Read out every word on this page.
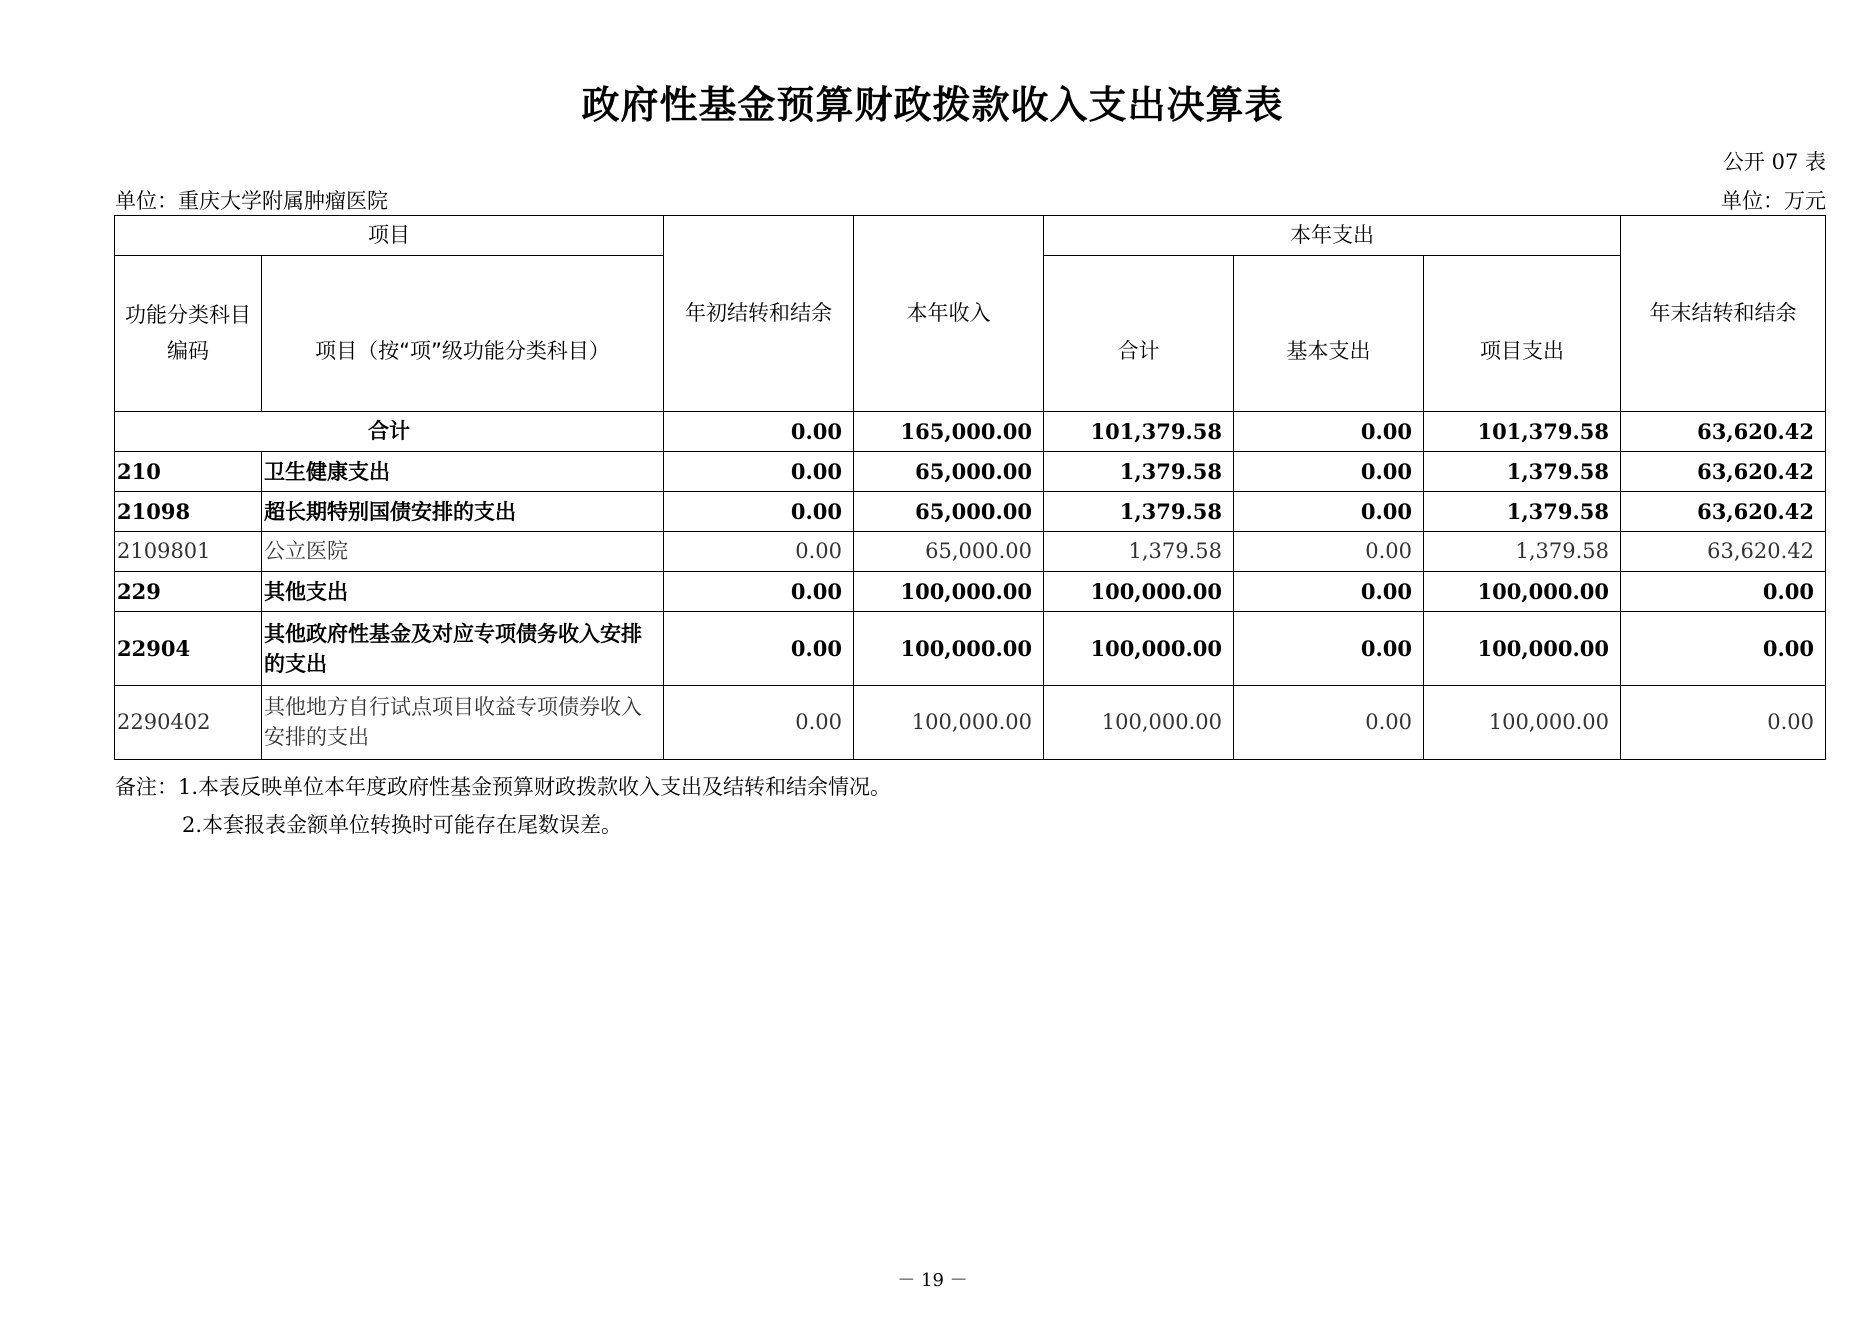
政府性基金预算财政拨款收入支出决算表
公开 07 表
单位：重庆大学附属肿瘤医院	单位：万元
项目		年初结转和结余	本年收入	本年支出			年末结转和结余
功能分类科目编码	项目（按“项”级功能分类科目）			合计	基本支出	项目支出	
合计		0.00	165,000.00	101,379.58	0.00	101,379.58	63,620.42
210	卫生健康支出	0.00	65,000.00	1,379.58	0.00	1,379.58	63,620.42
21098	超长期特别国债安排的支出	0.00	65,000.00	1,379.58	0.00	1,379.58	63,620.42
2109801	公立医院	0.00	65,000.00	1,379.58	0.00	1,379.58	63,620.42
229	其他支出	0.00	100,000.00	100,000.00	0.00	100,000.00	0.00
22904	其他政府性基金及对应专项债务收入安排的支出	0.00	100,000.00	100,000.00	0.00	100,000.00	0.00
2290402	其他地方自行试点项目收益专项债券收入安排的支出	0.00	100,000.00	100,000.00	0.00	100,000.00	0.00
备注：1.本表反映单位本年度政府性基金预算财政拨款收入支出及结转和结余情况。
2.本套报表金额单位转换时可能存在尾数误差。
－ 19 －
